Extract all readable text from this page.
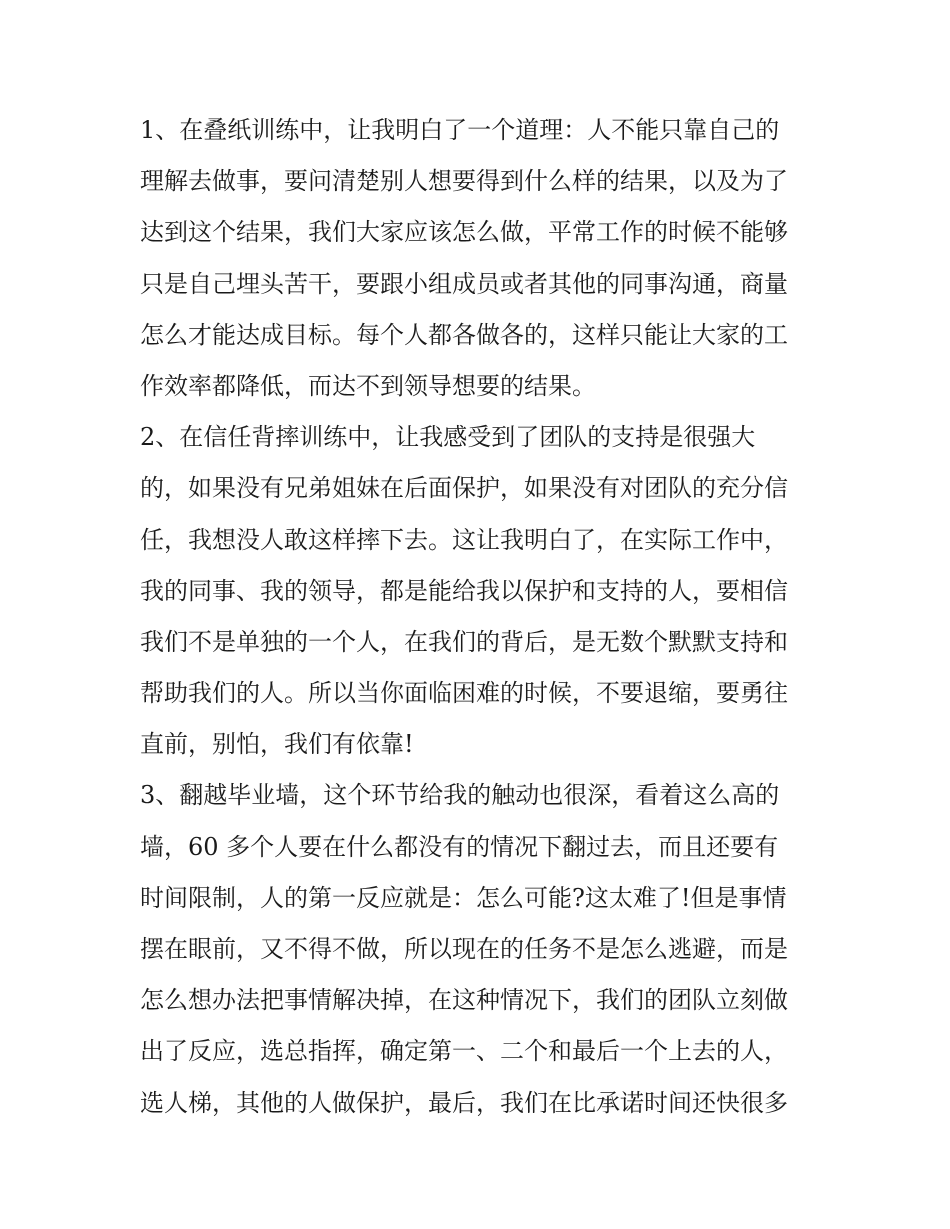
1、在叠纸训练中，让我明白了一个道理：人不能只靠自己的
理解去做事，要问清楚别人想要得到什么样的结果，以及为了
达到这个结果，我们大家应该怎么做，平常工作的时候不能够
只是自己埋头苦干，要跟小组成员或者其他的同事沟通，商量
怎么才能达成目标。每个人都各做各的，这样只能让大家的工
作效率都降低，而达不到领导想要的结果。
2、在信任背摔训练中，让我感受到了团队的支持是很强大
的，如果没有兄弟姐妹在后面保护，如果没有对团队的充分信
任，我想没人敢这样摔下去。这让我明白了，在实际工作中，
我的同事、我的领导，都是能给我以保护和支持的人，要相信
我们不是单独的一个人，在我们的背后，是无数个默默支持和
帮助我们的人。所以当你面临困难的时候，不要退缩，要勇往
直前，别怕，我们有依靠!
3、翻越毕业墙，这个环节给我的触动也很深，看着这么高的
墙，60 多个人要在什么都没有的情况下翻过去，而且还要有
时间限制，人的第一反应就是：怎么可能?这太难了!但是事情
摆在眼前，又不得不做，所以现在的任务不是怎么逃避，而是
怎么想办法把事情解决掉，在这种情况下，我们的团队立刻做
出了反应，选总指挥，确定第一、二个和最后一个上去的人，
选人梯，其他的人做保护，最后，我们在比承诺时间还快很多
